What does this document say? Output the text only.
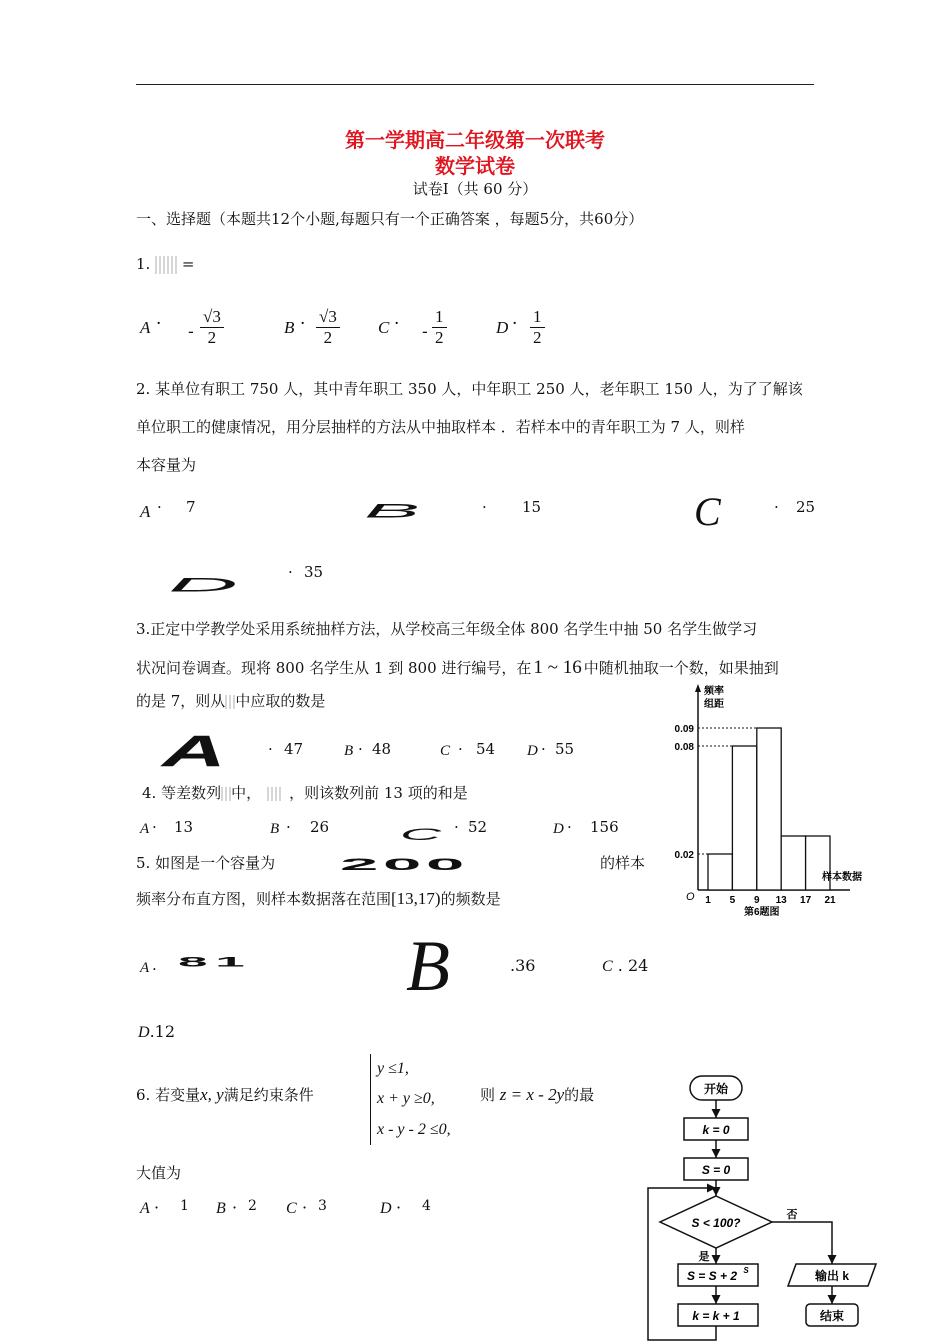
第一学期高二年级第一次联考
数学试卷
试卷Ⅰ（共 60 分）
一、选择题（本题共12个小题,每题只有一个正确答案 ，每题5分，共60分）
1. =
A · - $\frac{√3}{2}$	$B \cdot \frac{√3}{2}$ C · - $\frac{1}{2}$	$D \cdot \frac{1}{2}$
2. 某单位有职工 750 人，其中青年职工 350 人，中年职工 250 人，老年职工 150 人，为了了解该
单位职工的健康情况，用分层抽样的方法从中抽取样本 ．若样本中的青年职工为 7 人，则样
本容量为
A · 7	B	· 15	C	· 25
D
· 35
3.正定中学教学处采用系统抽样方法，从学校高三年级全体 800 名学生中抽 50 名学生做学习
状况问卷调查。现将 800 名学生从 1 到 800 进行编号，在 1 ~ 16 中随机抽取一个数，如果抽到
的是 7，则从 中应取的数是
A	· 47	B · 48	C · 54 D · 55
4. 等差数列 中， ，则该数列前 13 项的和是
A · 13	B · 26 C · 52	D · 156
5. 如图是一个容量为 200	的样本
频率分布直方图，则样本数据落在范围[13,17)的频数是
A . 81 B	.36	C . 24
D.12
6. 若变量x, y满足约束条件
y ≤1,
x + y ≥0,
x - y - 2 ≤0,
则 z = x - 2y的最
大值为
A · 1 B · 2 C · 3	D · 4
0.09
0.08
0.02
1 5 9 13 17 21
频率
组距
样本数据
第6题图
O
开始
k = 0
S = 0
S < 100?
S = S + 2 S
k = k + 1
输出 k
结束
否
是
